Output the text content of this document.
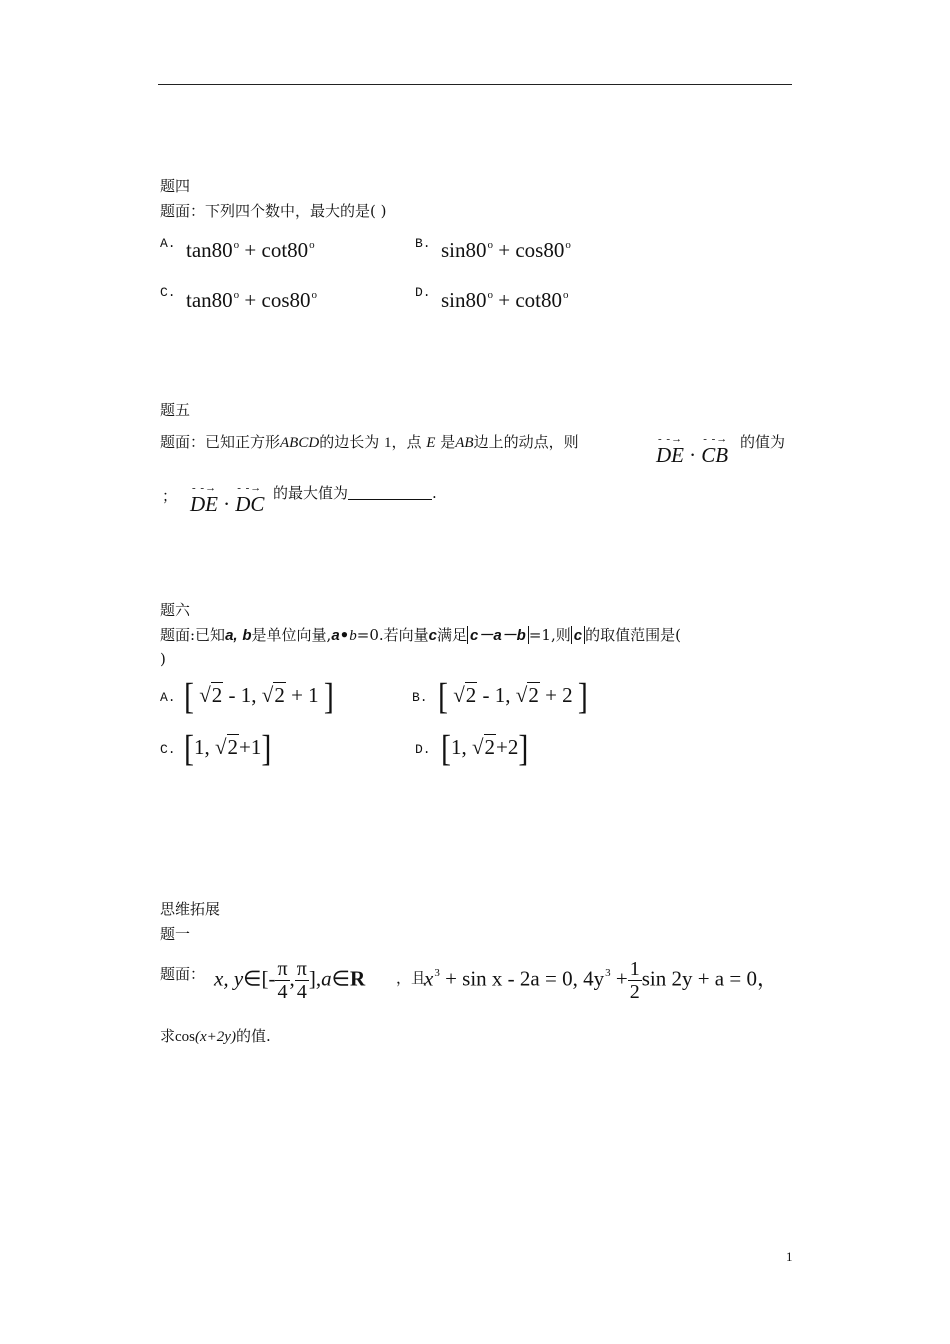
题四
题面：下列四个数中，最大的是( )
A. $\tan 80^o + \cot 80^o$	B. $\sin 80^o + \cos 80^o$
C. $\tan 80^o + \cos 80^o$	D. $\sin 80^o + \cot 80^o$
题五
题面：已知正方形ABCD的边长为 1，点 E 是AB边上的动点，则	- -→
DE ·
- -→
CB
的值为
； - -→
DE ·
- -→
DC 的最大值为	.
题六
题面:已知a, b是单位向量,a•b=0.若向量c满足 c－a－b =1,则 c 的取值范围是(
)
A. [ √2 - 1, √2 + 1 ]	B. [ √2 - 1, √2 + 2 ]
C. [1, √2+1]	D. [1, √2+2]
思维拓展
题一
题面： x, y∈[- $\frac{\pi}{4}$ , $\frac{\pi}{4}$ ],a∈R ，且
$x^3 + \sin x - 2a = 0$, $4y^3 + \frac{1}{2}$ sin 2y + a = 0，
求cos(x+2y)的值.
1
